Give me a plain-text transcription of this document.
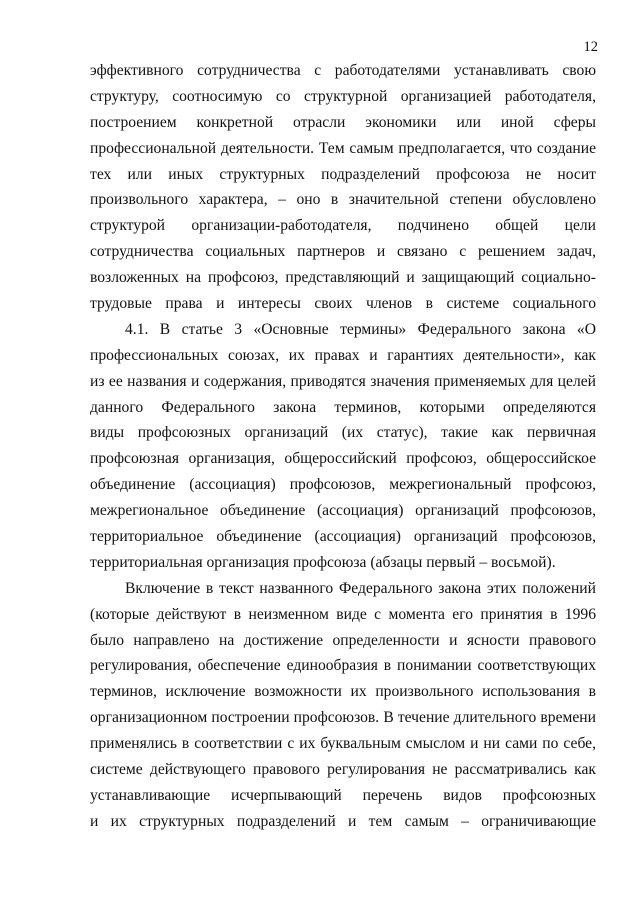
12

эффективного сотрудничества с работодателями устанавливать свою
структуру, соотносимую со структурной организацией работодателя,
построением конкретной отрасли экономики или иной сферы
профессиональной деятельности. Тем самым предполагается, что создание
тех или иных структурных подразделений профсоюза не носит
произвольного характера, – оно в значительной степени обусловлено
структурой организации-работодателя, подчинено общей цели
сотрудничества социальных партнеров и связано с решением задач,
возложенных на профсоюз, представляющий и защищающий социально-
трудовые права и интересы своих членов в системе социального

4.1. В статье 3 «Основные термины» Федерального закона «О
профессиональных союзах, их правах и гарантиях деятельности», как
из ее названия и содержания, приводятся значения применяемых для целей
данного Федерального закона терминов, которыми определяются
виды профсоюзных организаций (их статус), такие как первичная
профсоюзная организация, общероссийский профсоюз, общероссийское
объединение (ассоциация) профсоюзов, межрегиональный профсоюз,
межрегиональное объединение (ассоциация) организаций профсоюзов,
территориальное объединение (ассоциация) организаций профсоюзов,
территориальная организация профсоюза (абзацы первый – восьмой).

Включение в текст названного Федерального закона этих положений
(которые действуют в неизменном виде с момента его принятия в 1996
было направлено на достижение определенности и ясности правового
регулирования, обеспечение единообразия в понимании соответствующих
терминов, исключение возможности их произвольного использования в
организационном построении профсоюзов. В течение длительного времени
применялись в соответствии с их буквальным смыслом и ни сами по себе,
системе действующего правового регулирования не рассматривались как
устанавливающие исчерпывающий перечень видов профсоюзных
и их структурных подразделений и тем самым – ограничивающие
